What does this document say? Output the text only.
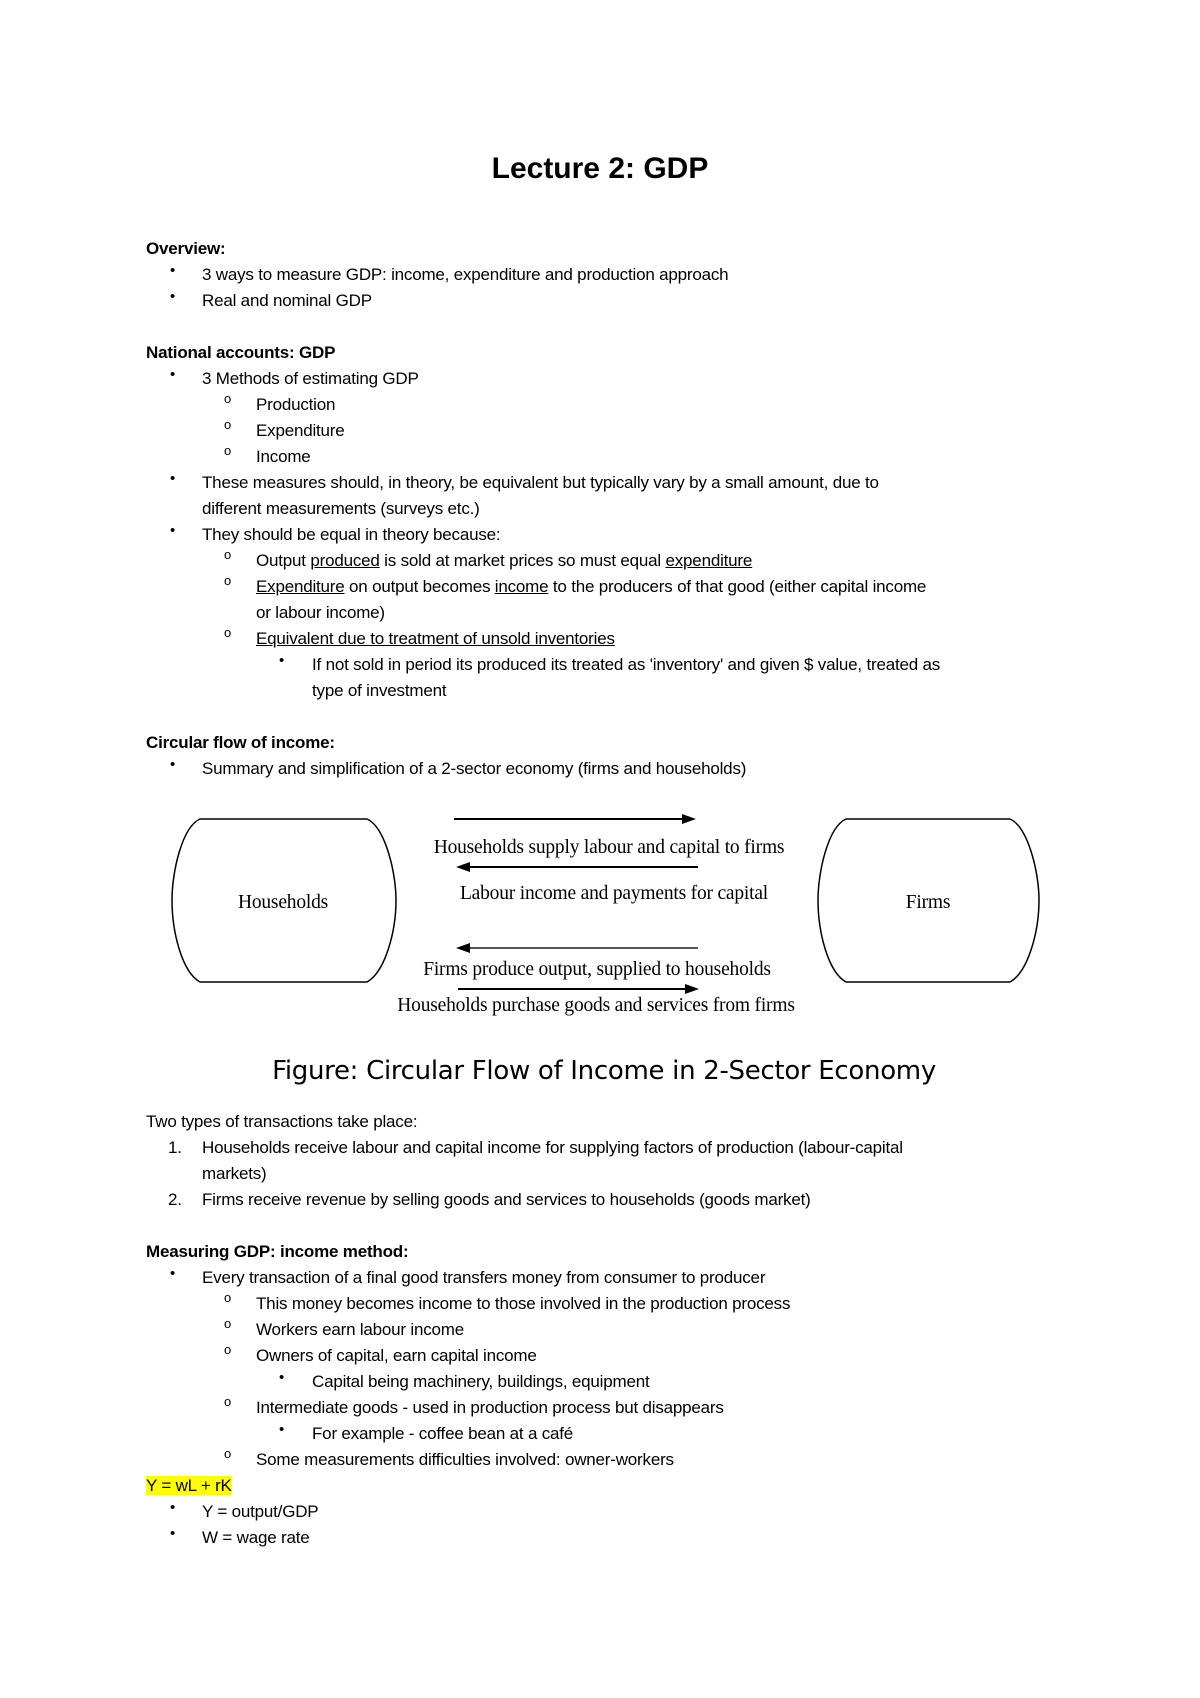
Lecture 2: GDP
Overview:
• 3 ways to measure GDP: income, expenditure and production approach
• Real and nominal GDP
National accounts: GDP
• 3 Methods of estimating GDP
o Production
o Expenditure
o Income
• These measures should, in theory, be equivalent but typically vary by a small amount, due to
different measurements (surveys etc.)
• They should be equal in theory because:
o Output produced is sold at market prices so must equal expenditure
o Expenditure on output becomes income to the producers of that good (either capital income
or labour income)
o Equivalent due to treatment of unsold inventories
• If not sold in period its produced its treated as 'inventory' and given $ value, treated as
type of investment
Circular flow of income:
• Summary and simplification of a 2-sector economy (firms and households)
Households	Firms
Households supply labour and capital to firms
Labour income and payments for capital
Firms produce output, supplied to households
Households purchase goods and services from firms
Figure: Circular Flow of Income in 2-Sector Economy
Two types of transactions take place:
1. Households receive labour and capital income for supplying factors of production (labour-capital
markets)
2. Firms receive revenue by selling goods and services to households (goods market)
Measuring GDP: income method:
• Every transaction of a final good transfers money from consumer to producer
o This money becomes income to those involved in the production process
o Workers earn labour income
o Owners of capital, earn capital income
• Capital being machinery, buildings, equipment
o Intermediate goods - used in production process but disappears
• For example - coffee bean at a café
o Some measurements difficulties involved: owner-workers
Y = wL + rK
• Y = output/GDP
• W = wage rate
